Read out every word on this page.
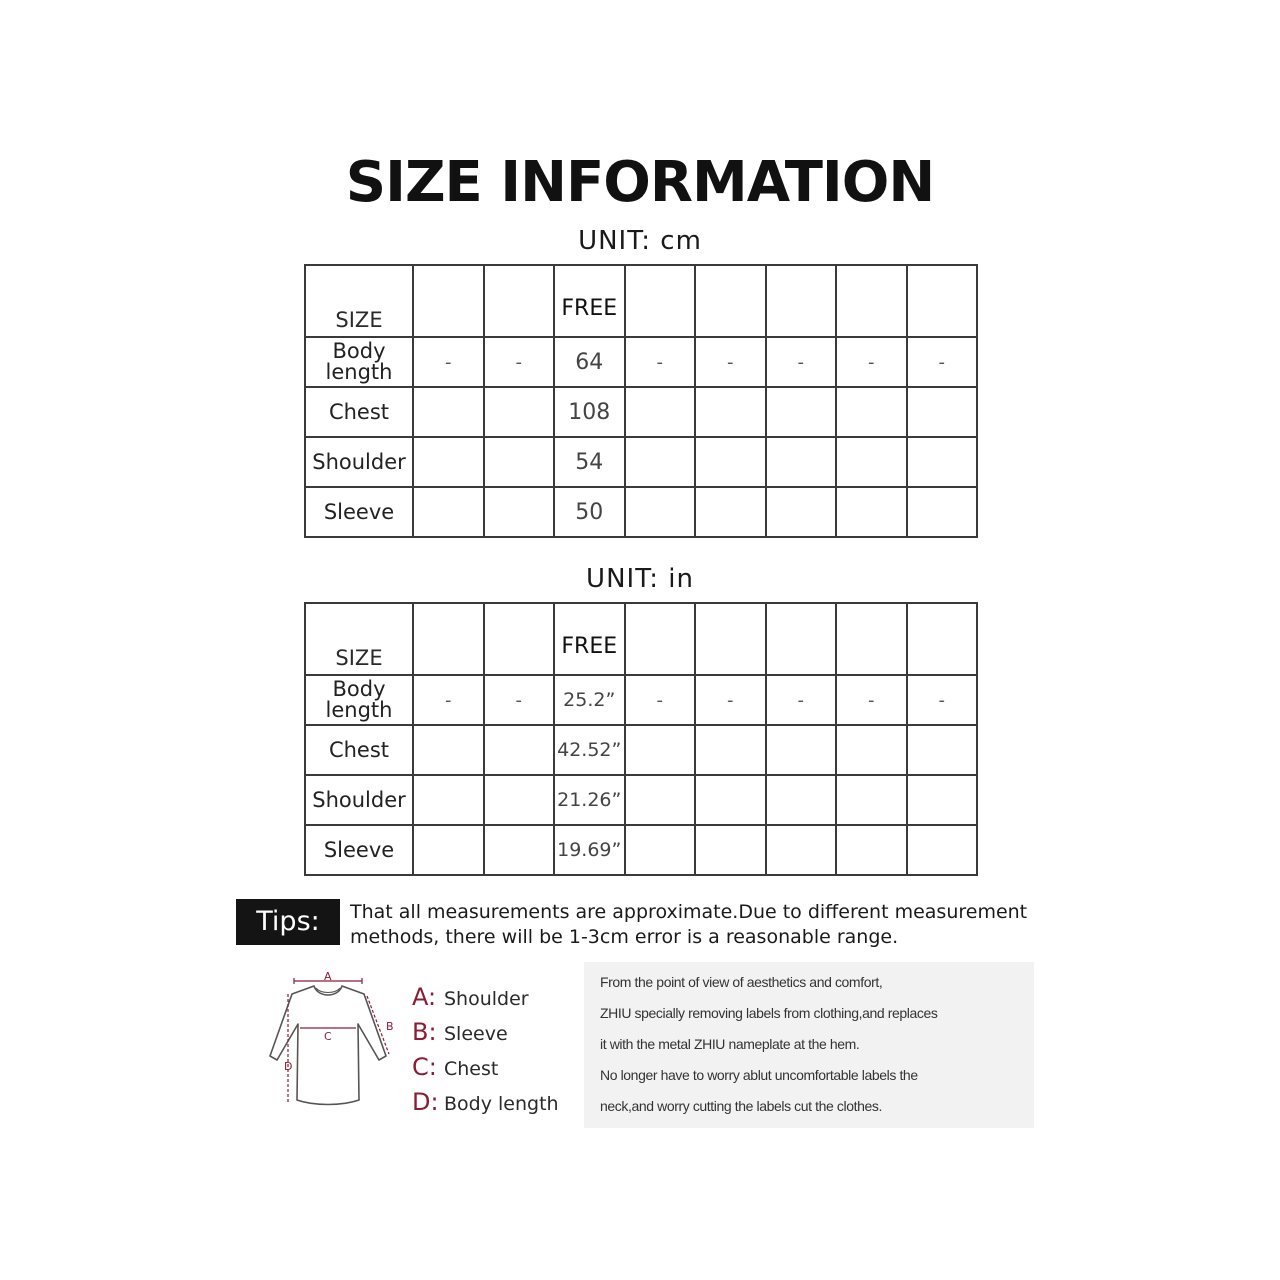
SIZE INFORMATION
UNIT: cm
SIZE			FREE					
Body
length	-	-	64	-	-	-	-	-
Chest			108					
Shoulder			54					
Sleeve			50					
UNIT: in
SIZE			FREE					
Body
length	-	-	25.2”	-	-	-	-	-
Chest			42.52”					
Shoulder			21.26”					
Sleeve			19.69”					
Tips:	That all measurements are approximate.Due to different measurement
methods, there will be 1-3cm error is a reasonable range.
A
B
C
D
A: Shoulder
B: Sleeve
C: Chest
D: Body length
From the point of view of aesthetics and comfort,
ZHIU specially removing labels from clothing,and replaces
it with the metal ZHIU nameplate at the hem.
No longer have to worry ablut uncomfortable labels the
neck,and worry cutting the labels cut the clothes.
